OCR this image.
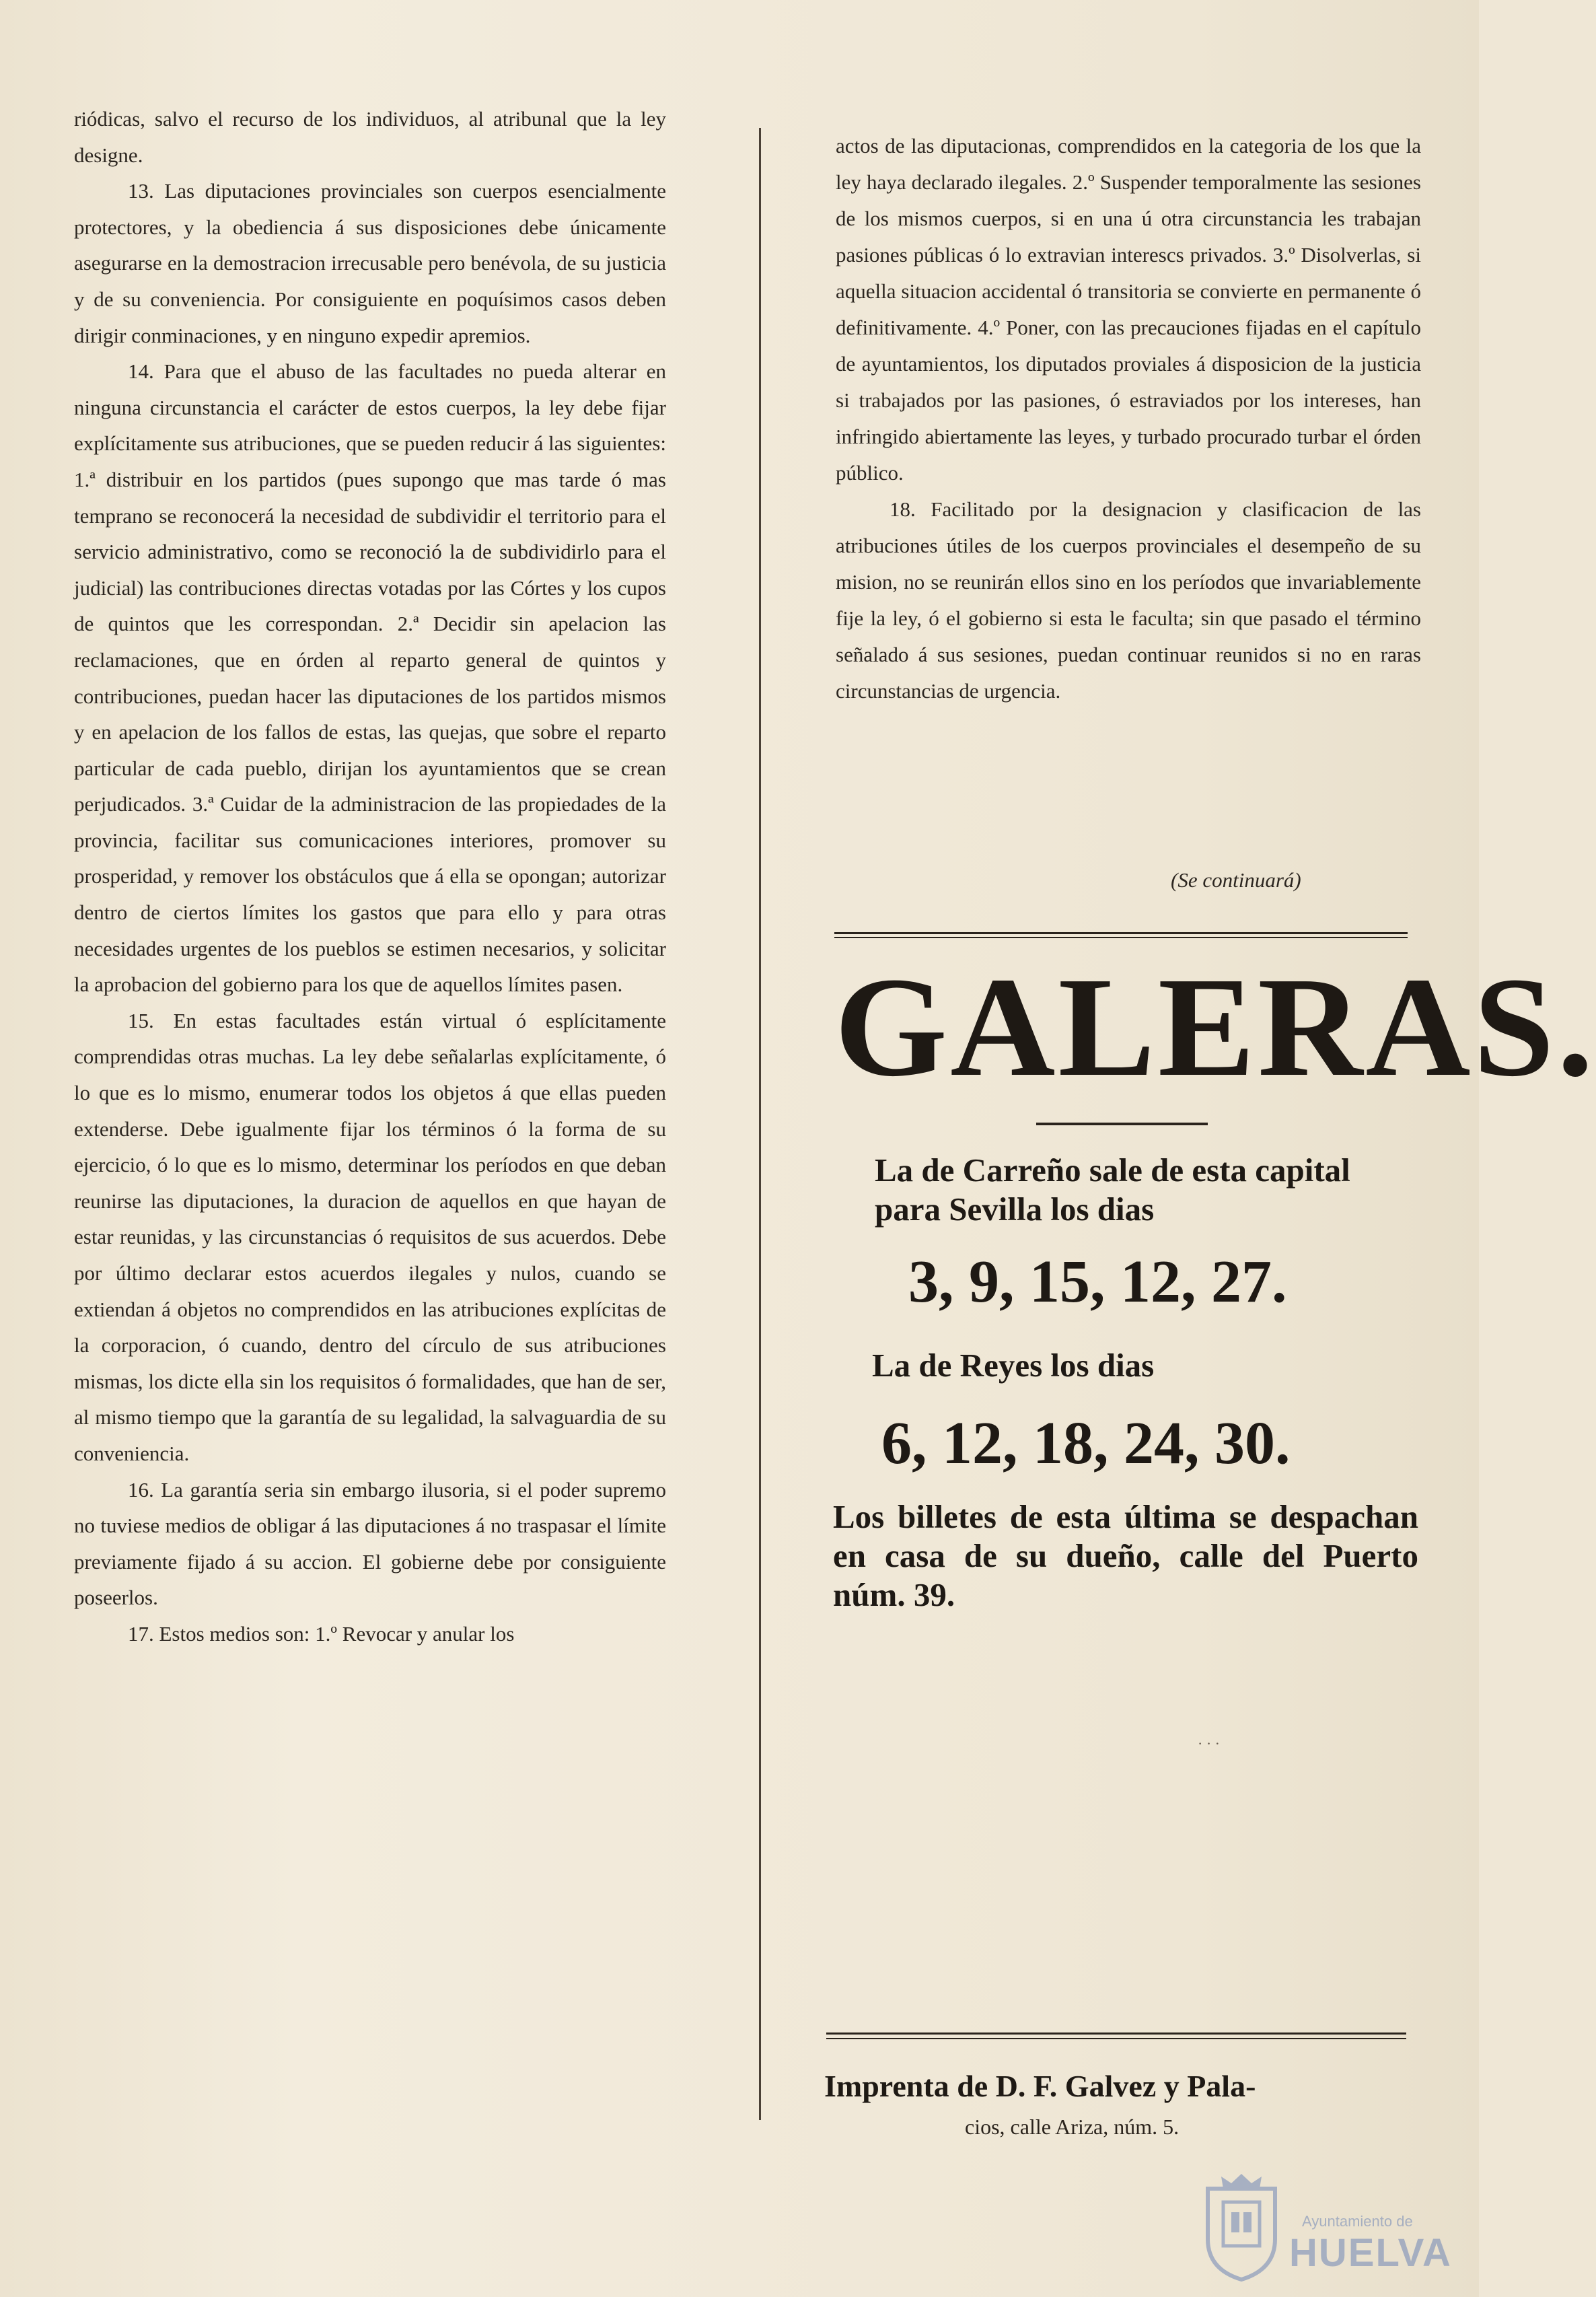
riódicas, salvo el recurso de los individuos, al atribunal que la ley designe.

13. Las diputaciones provinciales son cuerpos esencialmente protectores, y la obediencia á sus disposiciones debe únicamente asegurarse en la demostracion irrecusable pero benévola, de su justicia y de su conveniencia. Por consiguiente en poquísimos casos deben dirigir conminaciones, y en ninguno expedir apremios.

14. Para que el abuso de las facultades no pueda alterar en ninguna circunstancia el carácter de estos cuerpos, la ley debe fijar explícitamente sus atribuciones, que se pueden reducir á las siguientes: 1.ª distribuir en los partidos (pues supongo que mas tarde ó mas temprano se reconocerá la necesidad de subdividir el territorio para el servicio administrativo, como se reconoció la de subdividirlo para el judicial) las contribuciones directas votadas por las Córtes y los cupos de quintos que les correspondan. 2.ª Decidir sin apelacion las reclamaciones, que en órden al reparto general de quintos y contribuciones, puedan hacer las diputaciones de los partidos mismos y en apelacion de los fallos de estas, las quejas, que sobre el reparto particular de cada pueblo, dirijan los ayuntamientos que se crean perjudicados. 3.ª Cuidar de la administracion de las propiedades de la provincia, facilitar sus comunicaciones interiores, promover su prosperidad, y remover los obstáculos que á ella se opongan; autorizar dentro de ciertos límites los gastos que para ello y para otras necesidades urgentes de los pueblos se estimen necesarios, y solicitar la aprobacion del gobierno para los que de aquellos límites pasen.

15. En estas facultades están virtual ó esplícitamente comprendidas otras muchas. La ley debe señalarlas explícitamente, ó lo que es lo mismo, enumerar todos los objetos á que ellas pueden extenderse. Debe igualmente fijar los términos ó la forma de su ejercicio, ó lo que es lo mismo, determinar los períodos en que deban reunirse las diputaciones, la duracion de aquellos en que hayan de estar reunidas, y las circunstancias ó requisitos de sus acuerdos. Debe por último declarar estos acuerdos ilegales y nulos, cuando se extiendan á objetos no comprendidos en las atribuciones explícitas de la corporacion, ó cuando, dentro del círculo de sus atribuciones mismas, los dicte ella sin los requisitos ó formalidades, que han de ser, al mismo tiempo que la garantía de su legalidad, la salvaguardia de su conveniencia.

16. La garantía seria sin embargo ilusoria, si el poder supremo no tuviese medios de obligar á las diputaciones á no traspasar el límite previamente fijado á su accion. El gobierne debe por consiguiente poseerlos.

17. Estos medios son: 1.º Revocar y anular los

actos de las diputacionas, comprendidos en la categoria de los que la ley haya declarado ilegales. 2.º Suspender temporalmente las sesiones de los mismos cuerpos, si en una ú otra circunstancia les trabajan pasiones públicas ó lo extravian interescs privados. 3.º Disolverlas, si aquella situacion accidental ó transitoria se convierte en permanente ó definitivamente. 4.º Poner, con las precauciones fijadas en el capítulo de ayuntamientos, los diputados proviales á disposicion de la justicia si trabajados por las pasiones, ó estraviados por los intereses, han infringido abiertamente las leyes, y turbado procurado turbar el órden público.

18. Facilitado por la designacion y clasificacion de las atribuciones útiles de los cuerpos provinciales el desempeño de su mision, no se reunirán ellos sino en los períodos que invariablemente fije la ley, ó el gobierno si esta le faculta; sin que pasado el término señalado á sus sesiones, puedan continuar reunidos si no en raras circunstancias de urgencia.

(Se continuará)
GALERAS.
La de Carreño sale de esta capital para Sevilla los dias
3, 9, 15, 12, 27.
La de Reyes los dias
6, 12, 18, 24, 30.
Los billetes de esta última se despachan en casa de su dueño, calle del Puerto núm. 39.
· · ·
Imprenta de D. F. Galvez y Pala-
cios, calle Ariza, núm. 5.
Ayuntamiento de
HUELVA
